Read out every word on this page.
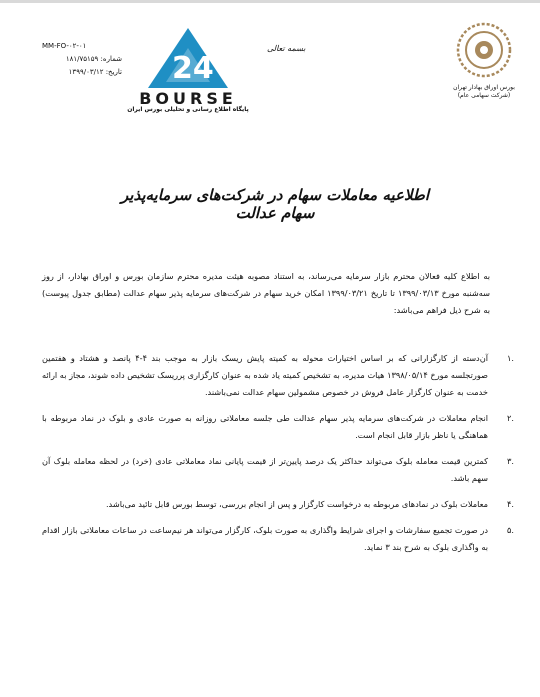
MM-FO-۰۲-۰۱
شماره: ۱۸۱/۷۵۱۵۹
تاریخ: ۱۳۹۹/۰۳/۱۲	24
BOURSE
پایگاه اطلاع رسانی و تحلیلی بورس ایران
بسمه تعالی
بورس اوراق بهادار تهران
(شرکت سهامی عام)
اطلاعیه معاملات سهام در شرکت‌های سرمایه‌پذیر سهام عدالت
به اطلاع کلیه فعالان محترم بازار سرمایه می‌رساند، به استناد مصوبه هیئت مدیره محترم سازمان بورس و اوراق بهادار، از روز سه‌شنبه مورخ ۱۳۹۹/۰۳/۱۳ تا تاریخ ۱۳۹۹/۰۳/۲۱ امکان خرید سهام در شرکت‌های سرمایه پذیر سهام عدالت (مطابق جدول پیوست) به شرح ذیل فراهم می‌باشد:
.۱
آن‌دسته از کارگزارانی که بر اساس اختیارات محوله به کمیته پایش ریسک بازار به موجب بند ۴-۴ پانصد و هشتاد و هفتمین صورتجلسه مورخ ۱۳۹۸/۰۵/۱۴ هیات مدیره، به تشخیص کمیته یاد شده به عنوان کارگزاری پرریسک تشخیص داده شوند، مجاز به ارائه خدمت به عنوان کارگزار عامل فروش در خصوص مشمولین سهام عدالت نمی‌باشند.
.۲
انجام معاملات در شرکت‌های سرمایه پذیر سهام عدالت طی جلسه معاملاتی روزانه به صورت عادی و بلوک در نماد مربوطه با هماهنگی یا ناظر بازار قابل انجام است.
.۳
کمترین قیمت معامله بلوک می‌تواند حداکثر یک درصد پایین‌تر از قیمت پایانی نماد معاملاتی عادی (خرد) در لحظه معامله بلوک آن سهم باشد.
.۴
معاملات بلوک در نمادهای مربوطه به درخواست کارگزار و پس از انجام بررسی، توسط بورس قابل تائید می‌باشد.
.۵
در صورت تجمیع سفارشات و اجرای شرایط واگذاری به صورت بلوک، کارگزار می‌تواند هر نیم‌ساعت در ساعات معاملاتی بازار اقدام به واگذاری بلوک به شرح بند ۳ نماید.
